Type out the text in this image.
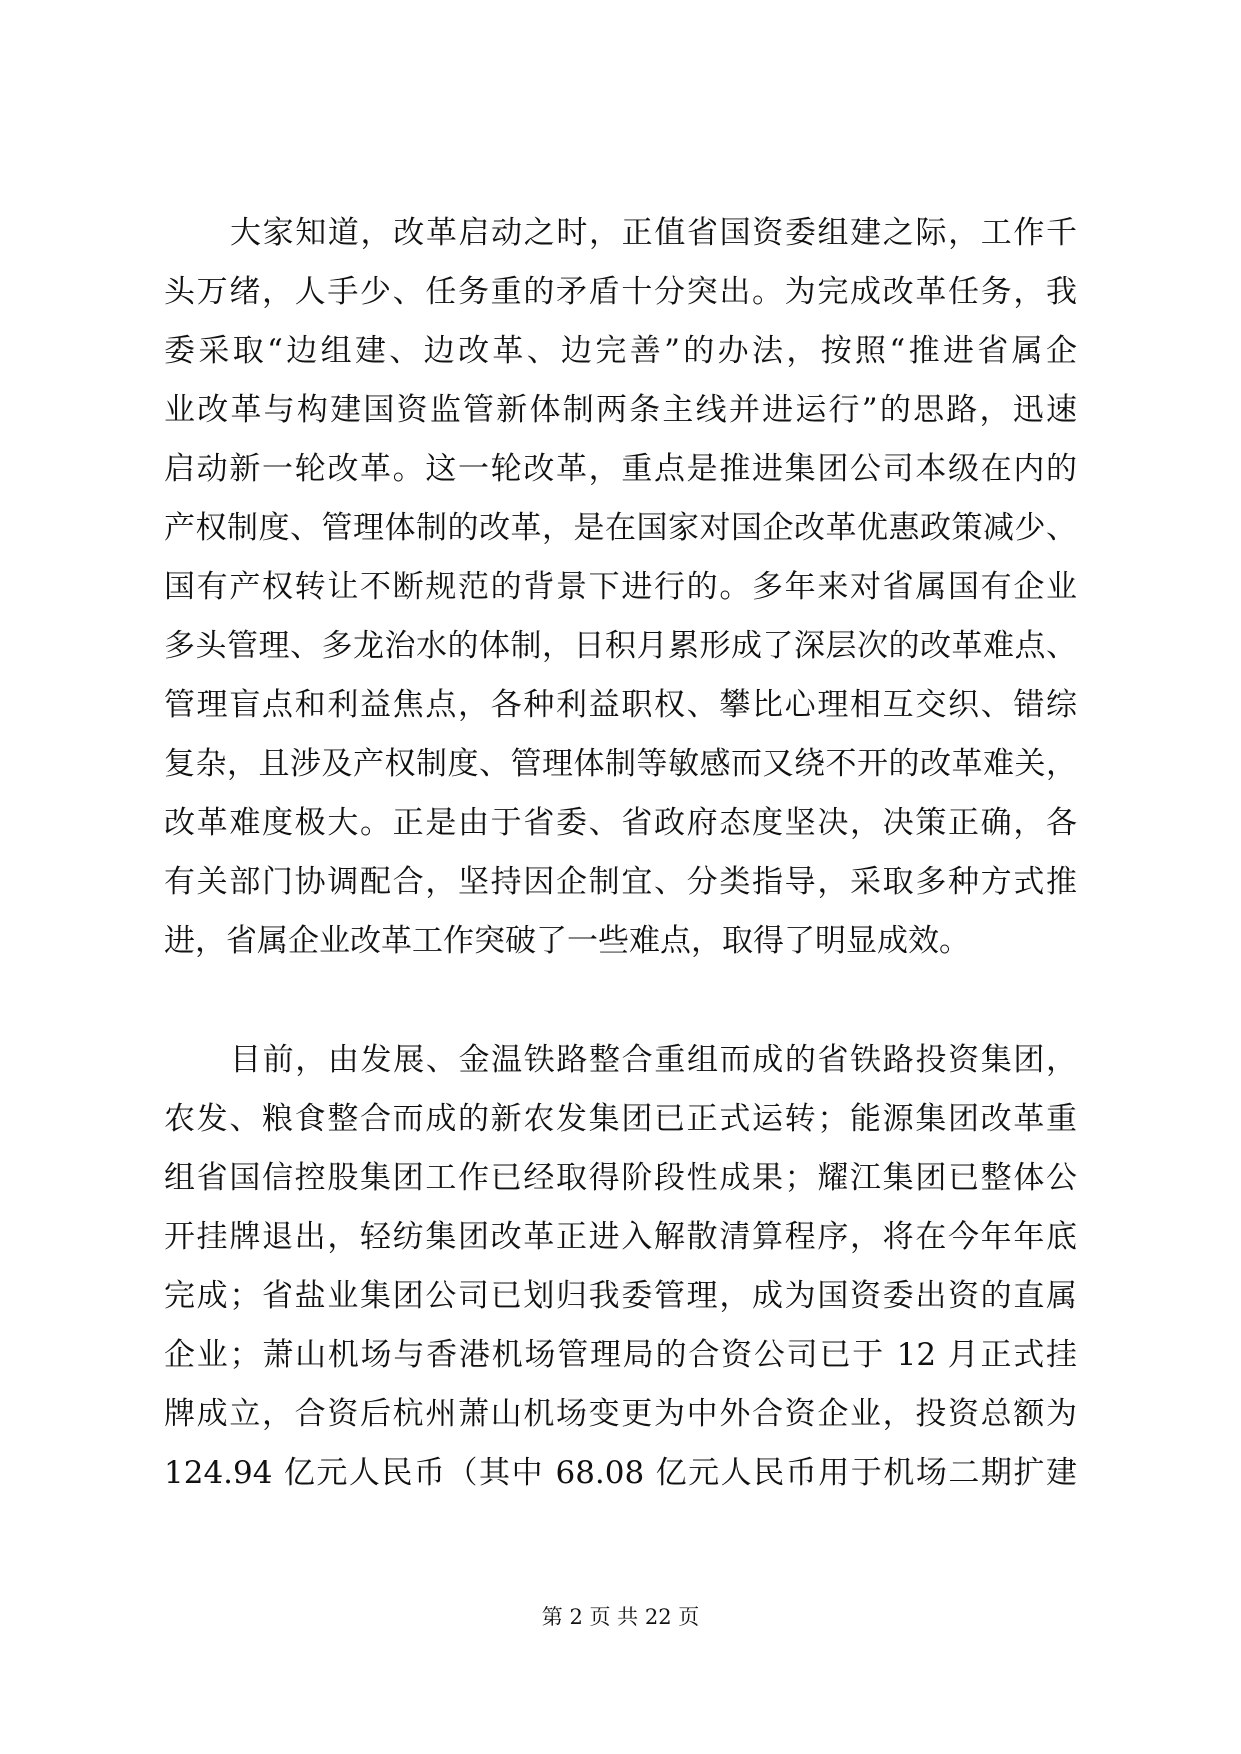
大家知道，改革启动之时，正值省国资委组建之际，工作千
头万绪，人手少、任务重的矛盾十分突出。为完成改革任务，我
委采取“边组建、边改革、边完善”的办法，按照“推进省属企
业改革与构建国资监管新体制两条主线并进运行”的思路，迅速
启动新一轮改革。这一轮改革，重点是推进集团公司本级在内的
产权制度、管理体制的改革，是在国家对国企改革优惠政策减少、
国有产权转让不断规范的背景下进行的。多年来对省属国有企业
多头管理、多龙治水的体制，日积月累形成了深层次的改革难点、
管理盲点和利益焦点，各种利益职权、攀比心理相互交织、错综
复杂，且涉及产权制度、管理体制等敏感而又绕不开的改革难关，
改革难度极大。正是由于省委、省政府态度坚决，决策正确，各
有关部门协调配合，坚持因企制宜、分类指导，采取多种方式推
进，省属企业改革工作突破了一些难点，取得了明显成效。
目前，由发展、金温铁路整合重组而成的省铁路投资集团，
农发、粮食整合而成的新农发集团已正式运转；能源集团改革重
组省国信控股集团工作已经取得阶段性成果；耀江集团已整体公
开挂牌退出，轻纺集团改革正进入解散清算程序，将在今年年底
完成；省盐业集团公司已划归我委管理，成为国资委出资的直属
企业；萧山机场与香港机场管理局的合资公司已于 12 月正式挂
牌成立，合资后杭州萧山机场变更为中外合资企业，投资总额为
124.94 亿元人民币（其中 68.08 亿元人民币用于机场二期扩建
第 2 页 共 22 页
